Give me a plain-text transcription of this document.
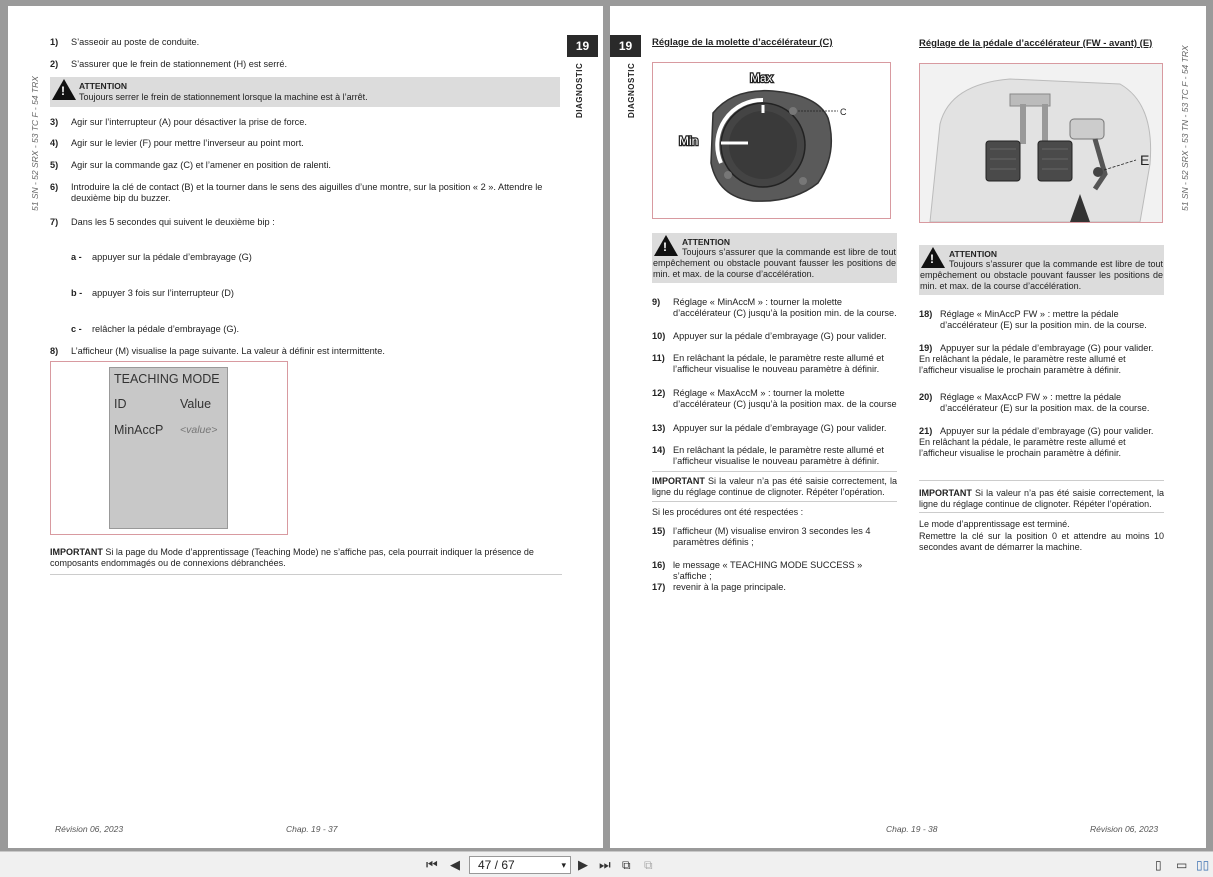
51 SN - 52 SRX - 53 TC F - 54 TRX
19
DIAGNOSTIC
1)	S’asseoir au poste de conduite.
2)	S’assurer que le frein de stationnement (H) est serré.
! ATTENTION
Toujours serrer le frein de stationnement lorsque la machine est à l’arrêt.
3)	Agir sur l’interrupteur (A) pour désactiver la prise de force.
4)	Agir sur le levier (F) pour mettre l’inverseur au point mort.
5)	Agir sur la commande gaz (C) et l’amener en position de ralenti.
6)	Introduire la clé de contact (B) et la tourner dans le sens des aiguilles d’une montre, sur la position « 2 ». Attendre le deuxième bip du buzzer.
7)	Dans les 5 secondes qui suivent le deuxième bip :
a -	appuyer sur la pédale d’embrayage (G)
b -	appuyer 3 fois sur l’interrupteur (D)
c -	relâcher la pédale d’embrayage (G).
8)	L’afficheur (M) visualise la page suivante. La valeur à définir est intermittente.
TEACHING MODE
ID	Value
MinAccP <value>
IMPORTANT Si la page du Mode d’apprentissage (Teaching Mode) ne s’affiche pas, cela pourrait indiquer la présence de composants endommagés ou de connexions débranchées.
Révision 06, 2023	Chap. 19 - 37
19
DIAGNOSTIC	51 SN - 52 SRX - 53 TN - 53 TC F - 54 TRX
Réglage de la molette d’accélérateur (C)	Réglage de la pédale d’accélérateur (FW - avant) (E)
C
Max
Min
E
! ATTENTION
Toujours s’assurer que la commande est libre de tout empêchement ou obstacle pouvant fausser les positions de min. et max. de la course d’accélération.
! ATTENTION
Toujours s’assurer que la commande est libre de tout empêchement ou obstacle pouvant fausser les positions de min. et max. de la course d’accélération.
9)	Réglage « MinAccM » : tourner la molette d’accélérateur (C) jusqu’à la position min. de la course.
10) Appuyer sur la pédale d’embrayage (G) pour valider.
11) En relâchant la pédale, le paramètre reste allumé et l’afficheur visualise le nouveau paramètre à définir.
12) Réglage « MaxAccM » : tourner la molette d’accélérateur (C) jusqu’à la position max. de la course
13) Appuyer sur la pédale d’embrayage (G) pour valider.
14) En relâchant la pédale, le paramètre reste allumé et l’afficheur visualise le nouveau paramètre à définir.
IMPORTANT Si la valeur n’a pas été saisie correctement, la ligne du réglage continue de clignoter. Répéter l’opération.
Si les procédures ont été respectées :
15) l’afficheur (M) visualise environ 3 secondes les 4 paramètres définis ;
16) le message « TEACHING MODE SUCCESS » s’affiche ;
17) revenir à la page principale.
18) Réglage « MinAccP FW » : mettre la pédale d’accélérateur (E) sur la position min. de la course.
19) Appuyer sur la pédale d’embrayage (G) pour valider.
En relâchant la pédale, le paramètre reste allumé et l’afficheur visualise le prochain paramètre à définir.
20) Réglage « MaxAccP FW » : mettre la pédale d’accélérateur (E) sur la position max. de la course.
21) Appuyer sur la pédale d’embrayage (G) pour valider.
En relâchant la pédale, le paramètre reste allumé et l’afficheur visualise le prochain paramètre à définir.
IMPORTANT Si la valeur n’a pas été saisie correctement, la ligne du réglage continue de clignoter. Répéter l’opération.
Le mode d’apprentissage est terminé.
Remettre la clé sur la position 0 et attendre au moins 10 secondes avant de démarrer la machine.
Chap. 19 - 38	Révision 06, 2023
⏮ ◀	47 / 67	▾ ▶ ⏭ ⧉ ⧉	▯ ▭ ▯▯
